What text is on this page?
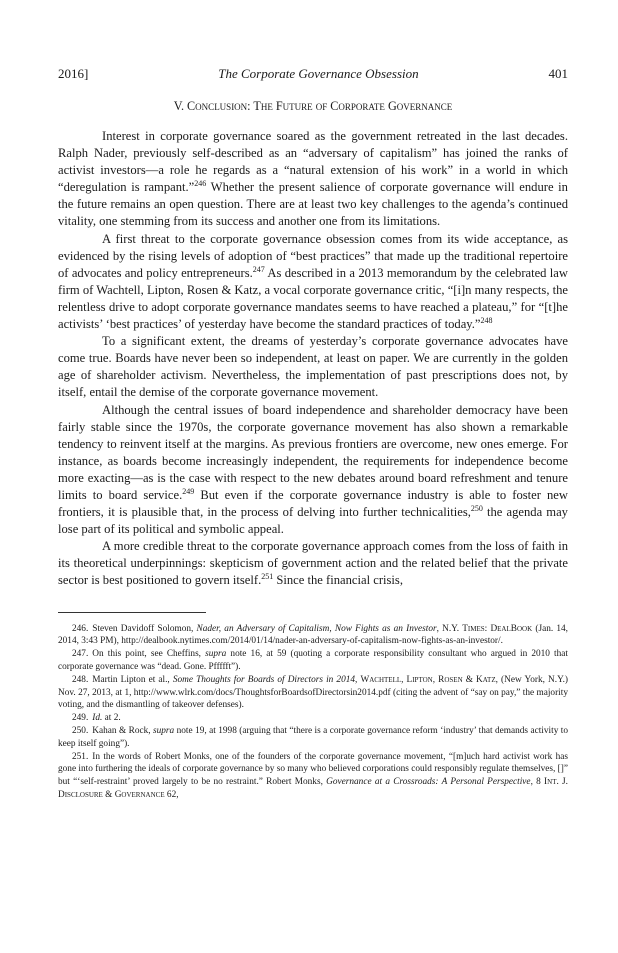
2016]	The Corporate Governance Obsession	401
V. Conclusion: The Future of Corporate Governance

Interest in corporate governance soared as the government retreated in the last decades. Ralph Nader, previously self-described as an “adversary of capitalism” has joined the ranks of activist investors—a role he regards as a “natural extension of his work” in a world in which “deregulation is rampant.”$^{246}$ Whether the present salience of corporate governance will endure in the future remains an open question. There are at least two key challenges to the agenda’s continued vitality, one stemming from its success and another one from its limitations.

A first threat to the corporate governance obsession comes from its wide acceptance, as evidenced by the rising levels of adoption of “best practices” that made up the traditional repertoire of advocates and policy entrepreneurs.$^{247}$ As described in a 2013 memorandum by the celebrated law firm of Wachtell, Lipton, Rosen & Katz, a vocal corporate governance critic, “[i]n many respects, the relentless drive to adopt corporate governance mandates seems to have reached a plateau,” for “[t]he activists’ ‘best practices’ of yesterday have become the standard practices of today.”$^{248}$

To a significant extent, the dreams of yesterday’s corporate governance advocates have come true. Boards have never been so independent, at least on paper. We are currently in the golden age of shareholder activism. Nevertheless, the implementation of past prescriptions does not, by itself, entail the demise of the corporate governance movement.

Although the central issues of board independence and shareholder democracy have been fairly stable since the 1970s, the corporate governance movement has also shown a remarkable tendency to reinvent itself at the margins. As previous frontiers are overcome, new ones emerge. For instance, as boards become increasingly independent, the requirements for independence become more exacting—as is the case with respect to the new debates around board refreshment and tenure limits to board service.$^{249}$ But even if the corporate governance industry is able to foster new frontiers, it is plausible that, in the process of delving into further technicalities,$^{250}$ the agenda may lose part of its political and symbolic appeal.

A more credible threat to the corporate governance approach comes from the loss of faith in its theoretical underpinnings: skepticism of government action and the related belief that the private sector is best positioned to govern itself.$^{251}$ Since the financial crisis,

246. Steven Davidoff Solomon, Nader, an Adversary of Capitalism, Now Fights as an Investor, N.Y. Times: DealBook (Jan. 14, 2014, 3:43 PM), http://dealbook.nytimes.com/2014/01/14/nader-an-adversary-of-capitalism-now-fights-as-an-investor/.

247. On this point, see Cheffins, supra note 16, at 59 (quoting a corporate responsibility consultant who argued in 2010 that corporate governance was “dead. Gone. Pffffft”).

248. Martin Lipton et al., Some Thoughts for Boards of Directors in 2014, Wachtell, Lipton, Rosen & Katz, (New York, N.Y.) Nov. 27, 2013, at 1, http://www.wlrk.com/docs/ThoughtsforBoardsofDirectorsin2014.pdf (citing the advent of “say on pay,” the majority voting, and the dismantling of takeover defenses).

249. Id. at 2.

250. Kahan & Rock, supra note 19, at 1998 (arguing that “there is a corporate governance reform ‘industry’ that demands activity to keep itself going”).

251. In the words of Robert Monks, one of the founders of the corporate governance movement, “[m]uch hard activist work has gone into furthering the ideals of corporate governance by so many who believed corporations could responsibly regulate themselves, []” but “‘self-restraint’ proved largely to be no restraint.” Robert Monks, Governance at a Crossroads: A Personal Perspective, 8 Int. J. Disclosure & Governance 62,
